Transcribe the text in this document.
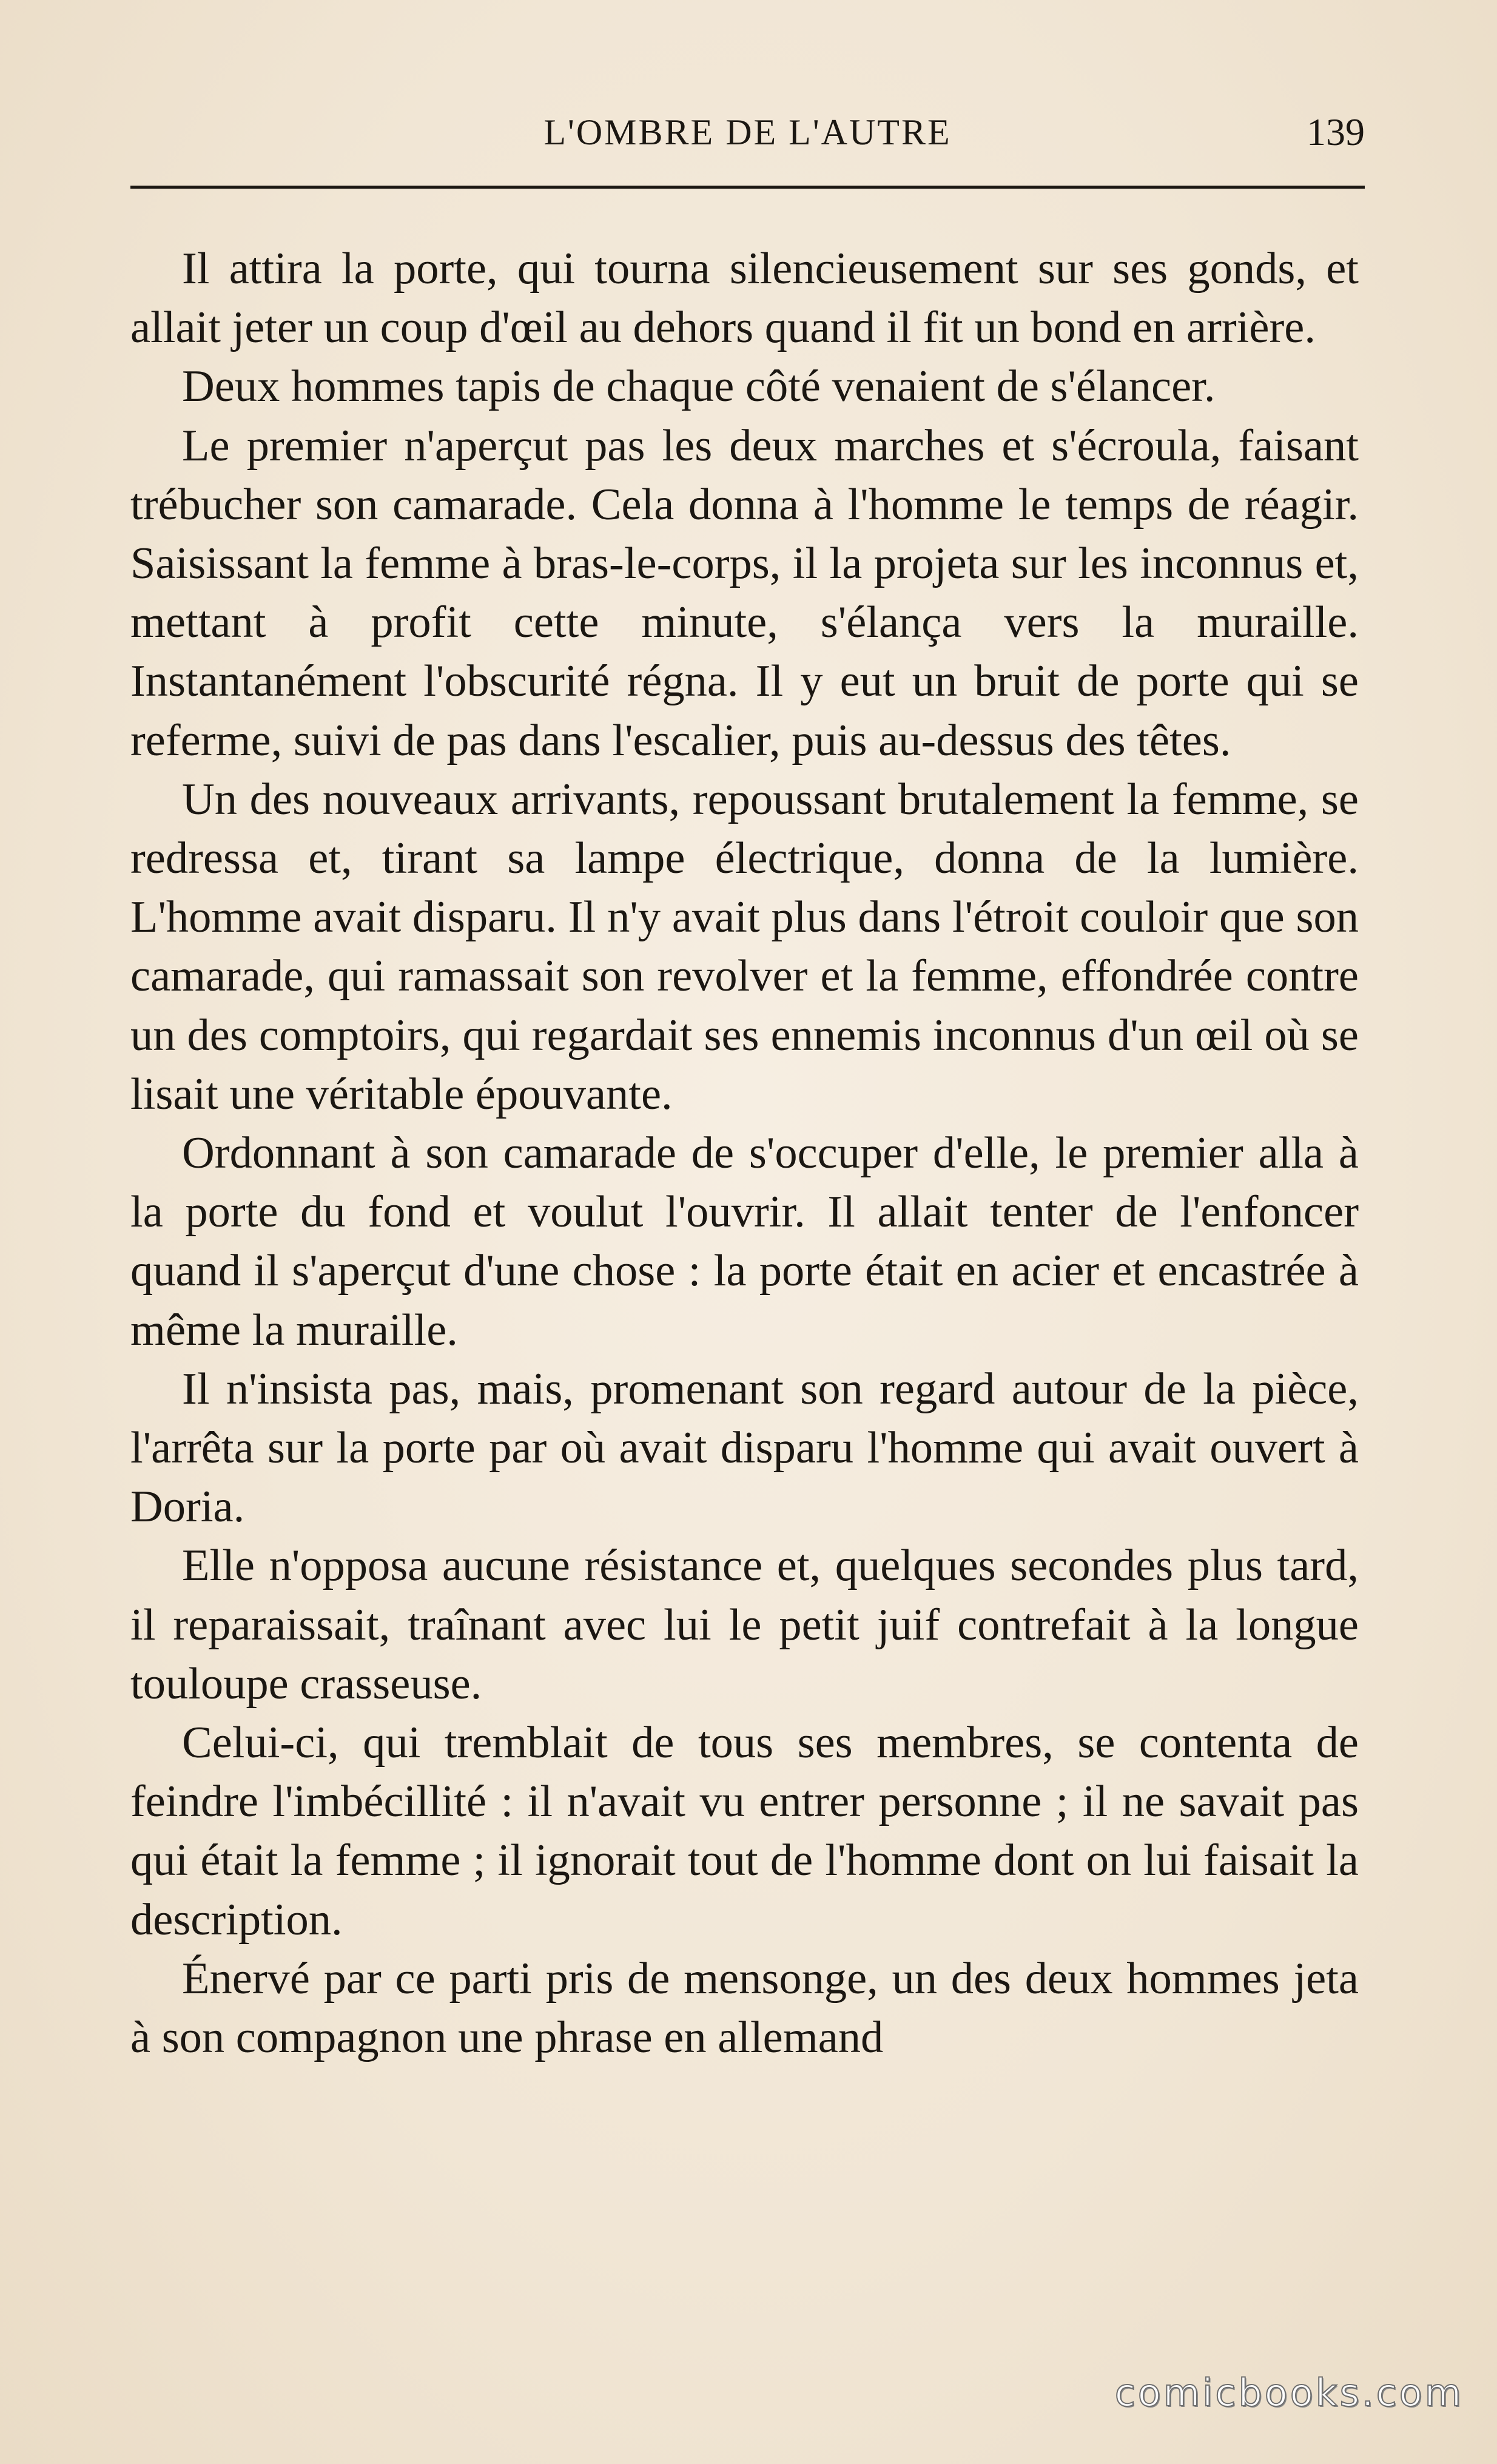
L'OMBRE DE L'AUTRE	139

Il attira la porte, qui tourna silencieusement sur ses gonds, et allait jeter un coup d'œil au dehors quand il fit un bond en arrière.

Deux hommes tapis de chaque côté venaient de s'élancer.

Le premier n'aperçut pas les deux marches et s'écroula, faisant trébucher son camarade. Cela donna à l'homme le temps de réagir. Saisissant la femme à bras-le-corps, il la projeta sur les inconnus et, mettant à profit cette minute, s'élança vers la muraille. Instantanément l'obscurité régna. Il y eut un bruit de porte qui se referme, suivi de pas dans l'escalier, puis au-dessus des têtes.

Un des nouveaux arrivants, repoussant brutalement la femme, se redressa et, tirant sa lampe électrique, donna de la lumière. L'homme avait disparu. Il n'y avait plus dans l'étroit couloir que son camarade, qui ramassait son revolver et la femme, effondrée contre un des comptoirs, qui regardait ses ennemis inconnus d'un œil où se lisait une véritable épouvante.

Ordonnant à son camarade de s'occuper d'elle, le premier alla à la porte du fond et voulut l'ouvrir. Il allait tenter de l'enfoncer quand il s'aperçut d'une chose : la porte était en acier et encastrée à même la muraille.

Il n'insista pas, mais, promenant son regard autour de la pièce, l'arrêta sur la porte par où avait disparu l'homme qui avait ouvert à Doria.

Elle n'opposa aucune résistance et, quelques secondes plus tard, il reparaissait, traînant avec lui le petit juif contrefait à la longue touloupe crasseuse.

Celui-ci, qui tremblait de tous ses membres, se contenta de feindre l'imbécillité : il n'avait vu entrer personne ; il ne savait pas qui était la femme ; il ignorait tout de l'homme dont on lui faisait la description.

Énervé par ce parti pris de mensonge, un des deux hommes jeta à son compagnon une phrase en allemand

comicbooks.com
